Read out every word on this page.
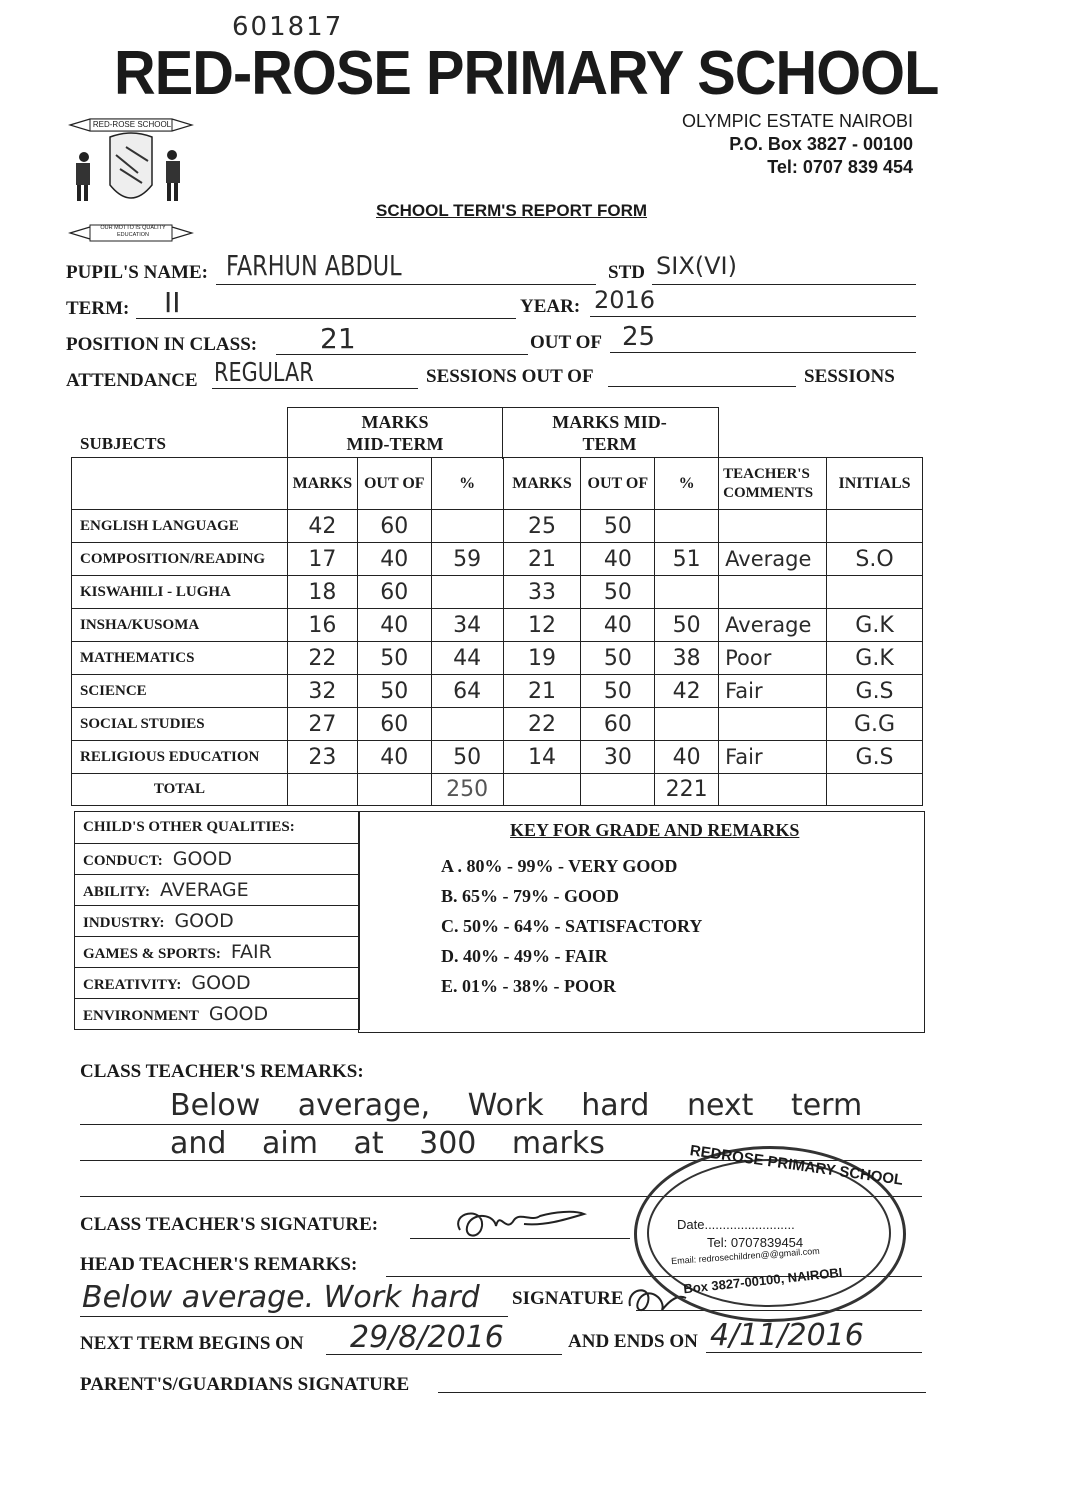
601817
RED-ROSE PRIMARY SCHOOL
OLYMPIC ESTATE NAIROBI
P.O. Box 3827 - 00100
Tel: 0707 839 454
RED-ROSE SCHOOL
OUR MOTTO IS QUALITY EDUCATION
SCHOOL TERM'S REPORT FORM
PUPIL'S NAME: FARHUN ABDUL	STD SIX(VI)
TERM: II	YEAR: 2016
POSITION IN CLASS: 21	OUT OF 25
ATTENDANCE REGULAR	SESSIONS OUT OF	SESSIONS
SUBJECTS
MARKS MID-TERM
MARKS MID-TERM
	MARKS	OUT OF	%	MARKS	OUT OF	%	TEACHER'S COMMENTS	INITIALS
ENGLISH LANGUAGE	42	60		25	50			
COMPOSITION/READING	17	40	59	21	40	51	Average	S.O
KISWAHILI - LUGHA	18	60		33	50			
INSHA/KUSOMA	16	40	34	12	40	50	Average	G.K
MATHEMATICS	22	50	44	19	50	38	Poor	G.K
SCIENCE	32	50	64	21	50	42	Fair	G.S
SOCIAL STUDIES	27	60		22	60			G.G
RELIGIOUS EDUCATION	23	40	50	14	30	40	Fair	G.S
TOTAL			250			221		
CHILD'S OTHER QUALITIES:
CONDUCT: GOOD
ABILITY: AVERAGE
INDUSTRY: GOOD
GAMES & SPORTS: FAIR
CREATIVITY: GOOD
ENVIRONMENT GOOD
KEY FOR GRADE AND REMARKS
A . 80% - 99% - VERY GOOD
B. 65% - 79% - GOOD
C. 50% - 64% - SATISFACTORY
D. 40% - 49% - FAIR
E. 01% - 38% - POOR
CLASS TEACHER'S REMARKS:
Below average, Work hard next term
and aim at 300 marks
CLASS TEACHER'S SIGNATURE:
HEAD TEACHER'S REMARKS:
Below average. Work hard SIGNATURE
NEXT TERM BEGINS ON 29/8/2016	AND ENDS ON 4/11/2016
PARENT'S/GUARDIANS SIGNATURE
REDROSE PRIMARY SCHOOL
Date.........................
Tel: 0707839454
Email: redrosechildren@@gmail.com
Box 3827-00100, NAIROBI
